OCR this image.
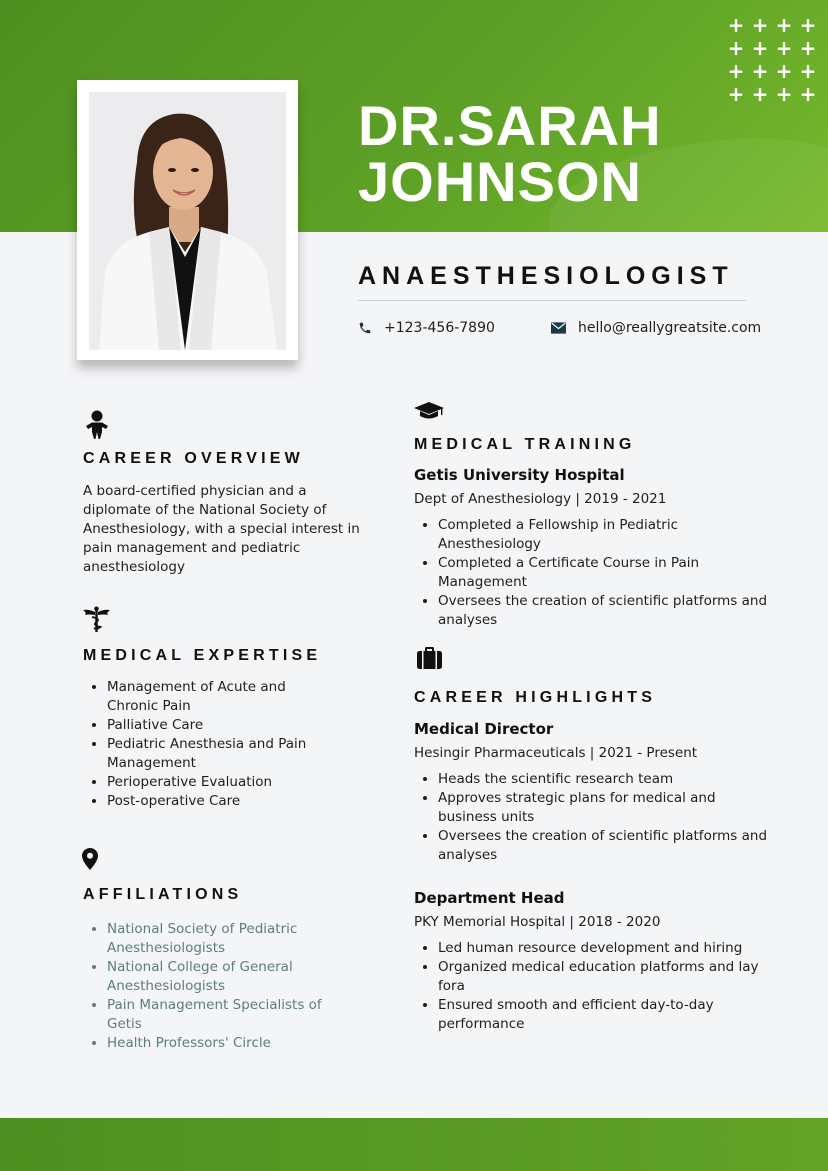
+ + + +
+ + + +
+ + + +
+ + + +
DR.SARAH
JOHNSON
ANAESTHESIOLOGIST
+123-456-7890	hello@reallygreatsite.com
CAREER OVERVIEW
A board-certified physician and a diplomate of the National Society of Anesthesiology, with a special interest in pain management and pediatric anesthesiology
MEDICAL EXPERTISE
• Management of Acute and Chronic Pain
• Palliative Care
• Pediatric Anesthesia and Pain Management
• Perioperative Evaluation
• Post-operative Care
AFFILIATIONS
• National Society of Pediatric Anesthesiologists
• National College of General Anesthesiologists
• Pain Management Specialists of Getis
• Health Professors' Circle
MEDICAL TRAINING
Getis University Hospital
Dept of Anesthesiology | 2019 - 2021
• Completed a Fellowship in Pediatric Anesthesiology
• Completed a Certificate Course in Pain Management
• Oversees the creation of scientific platforms and analyses
CAREER HIGHLIGHTS
Medical Director
Hesingir Pharmaceuticals | 2021 - Present
• Heads the scientific research team
• Approves strategic plans for medical and business units
• Oversees the creation of scientific platforms and analyses
Department Head
PKY Memorial Hospital | 2018 - 2020
• Led human resource development and hiring
• Organized medical education platforms and lay fora
• Ensured smooth and efficient day-to-day performance
